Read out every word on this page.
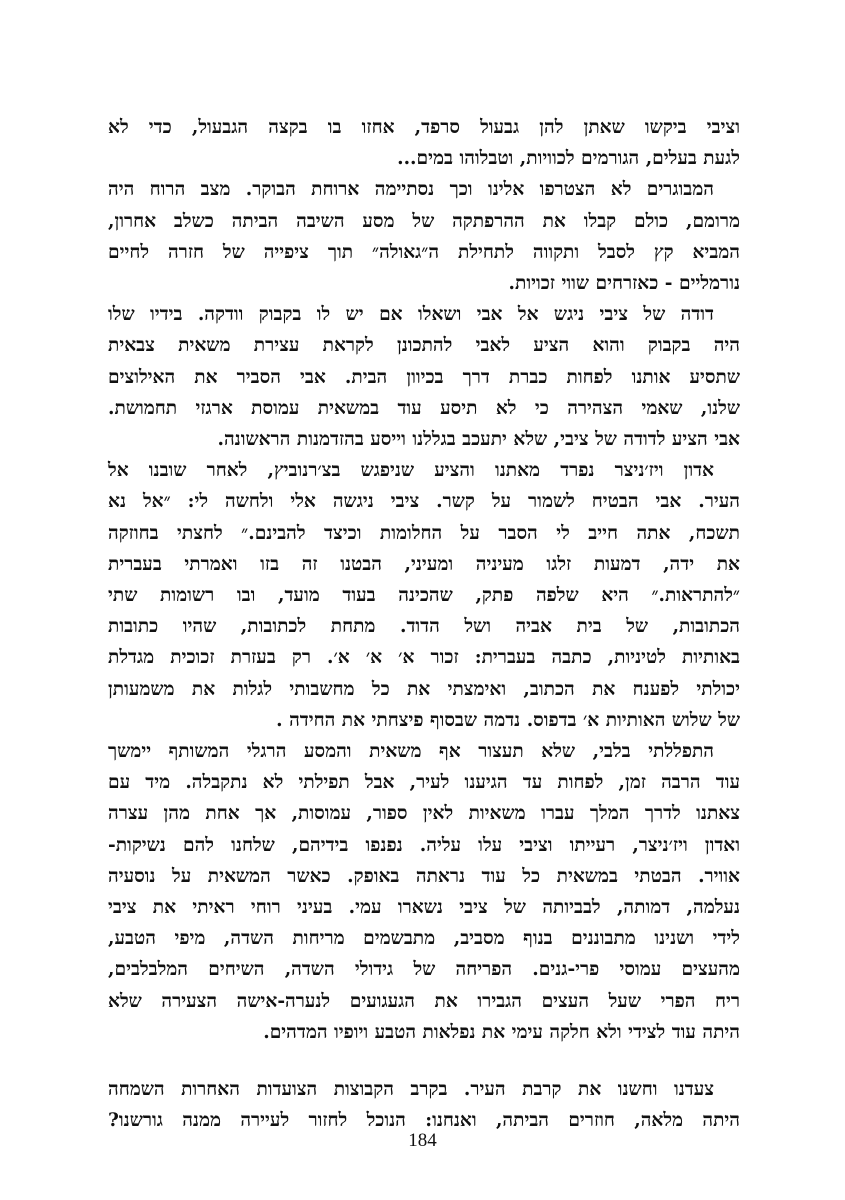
וציבי ביקשו שאתן להן גבעול סרפד, אחזו בו בקצה הגבעול, כדי לא
לגעת בעלים, הגורמים לכוויות, וטבלוהו במים...

המבוגרים לא הצטרפו אלינו וכך נסתיימה ארוחת הבוקר. מצב הרוח היה
מרומם, כולם קבלו את ההרפתקה של מסע השיבה הביתה כשלב אחרון,
המביא קץ לסבל ותקווה לתחילת ה״גאולה״ תוך ציפייה של חזרה לחיים
נורמליים - כאזרחים שווי זכויות.

דודה של ציבי ניגש אל אבי ושאלו אם יש לו בקבוק וודקה. בידיו שלו
היה בקבוק והוא הציע לאבי להתכונן לקראת עצירת משאית צבאית
שתסיע אותנו לפחות כברת דרך בכיוון הבית. אבי הסביר את האילוצים
שלנו, שאמי הצהירה כי לא תיסע עוד במשאית עמוסת ארגזי תחמושת.
אבי הציע לדודה של ציבי, שלא יתעכב בגללנו וייסע בהזדמנות הראשונה.

אדון ויז׳ניצר נפרד מאתנו והציע שניפגש בצ׳רנוביץ, לאחר שובנו אל
העיר. אבי הבטיח לשמור על קשר. ציבי ניגשה אלי ולחשה לי: ״אל נא
תשכח, אתה חייב לי הסבר על החלומות וכיצד להבינם.״ לחצתי בחוזקה
את ידה, דמעות זלגו מעיניה ומעיני, הבטנו זה בזו ואמרתי בעברית
״להתראות.״ היא שלפה פתק, שהכינה בעוד מועד, ובו רשומות שתי
הכתובות, של בית אביה ושל הדוד. מתחת לכתובות, שהיו כתובות
באותיות לטיניות, כתבה בעברית: זכור א׳ א׳ א׳. רק בעזרת זכוכית מגדלת
יכולתי לפענח את הכתוב, ואימצתי את כל מחשבותי לגלות את משמעותן
של שלוש האותיות א׳ בדפוס. נדמה שבסוף פיצחתי את החידה .

התפללתי בלבי, שלא תעצור אף משאית והמסע הרגלי המשותף יימשך
עוד הרבה זמן, לפחות עד הגיענו לעיר, אבל תפילתי לא נתקבלה. מיד עם
צאתנו לדרך המלך עברו משאיות לאין ספור, עמוסות, אך אחת מהן עצרה
ואדון ויז׳ניצר, רעייתו וציבי עלו עליה. נפנפו בידיהם, שלחנו להם נשיקות-
אוויר. הבטתי במשאית כל עוד נראתה באופק. כאשר המשאית על נוסעיה
נעלמה, דמותה, לבביותה של ציבי נשארו עמי. בעיני רוחי ראיתי את ציבי
לידי ושנינו מתבוננים בנוף מסביב, מתבשמים מריחות השדה, מיפי הטבע,
מהעצים עמוסי פרי-גנים. הפריחה של גידולי השדה, השיחים המלבלבים,
ריח הפרי שעל העצים הגבירו את הגעגועים לנערה-אישה הצעירה שלא
היתה עוד לצידי ולא חלקה עימי את נפלאות הטבע ויופיו המדהים.

צעדנו וחשנו את קרבת העיר. בקרב הקבוצות הצועדות האחרות השמחה
היתה מלאה, חוזרים הביתה, ואנחנו: הנוכל לחזור לעיירה ממנה גורשנו?

184
